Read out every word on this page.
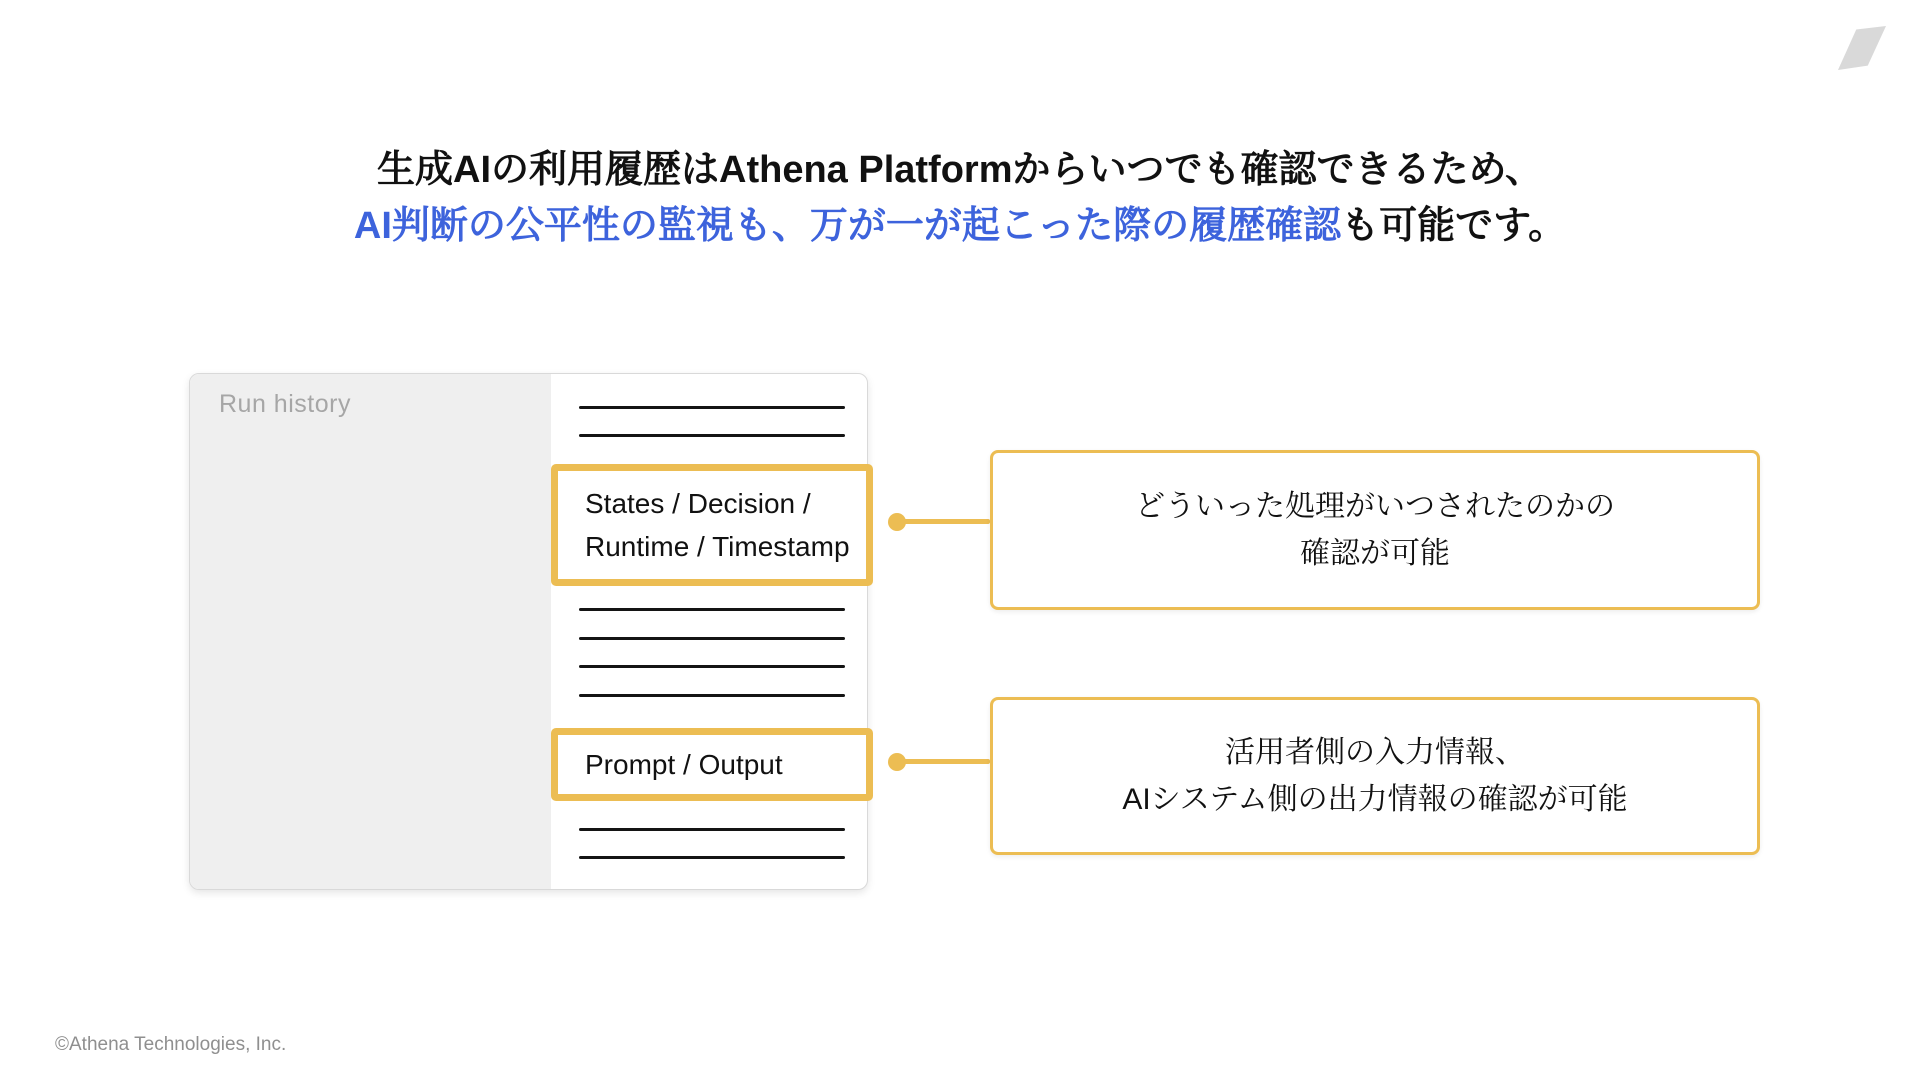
生成AIの利用履歴はAthena Platformからいつでも確認できるため、
AI判断の公平性の監視も、万が一が起こった際の履歴確認も可能です。
Run history
States / Decision /
Runtime / Timestamp
Prompt / Output
どういった処理がいつされたのかの
確認が可能
活用者側の入力情報、
AIシステム側の出力情報の確認が可能
©Athena Technologies, Inc.
